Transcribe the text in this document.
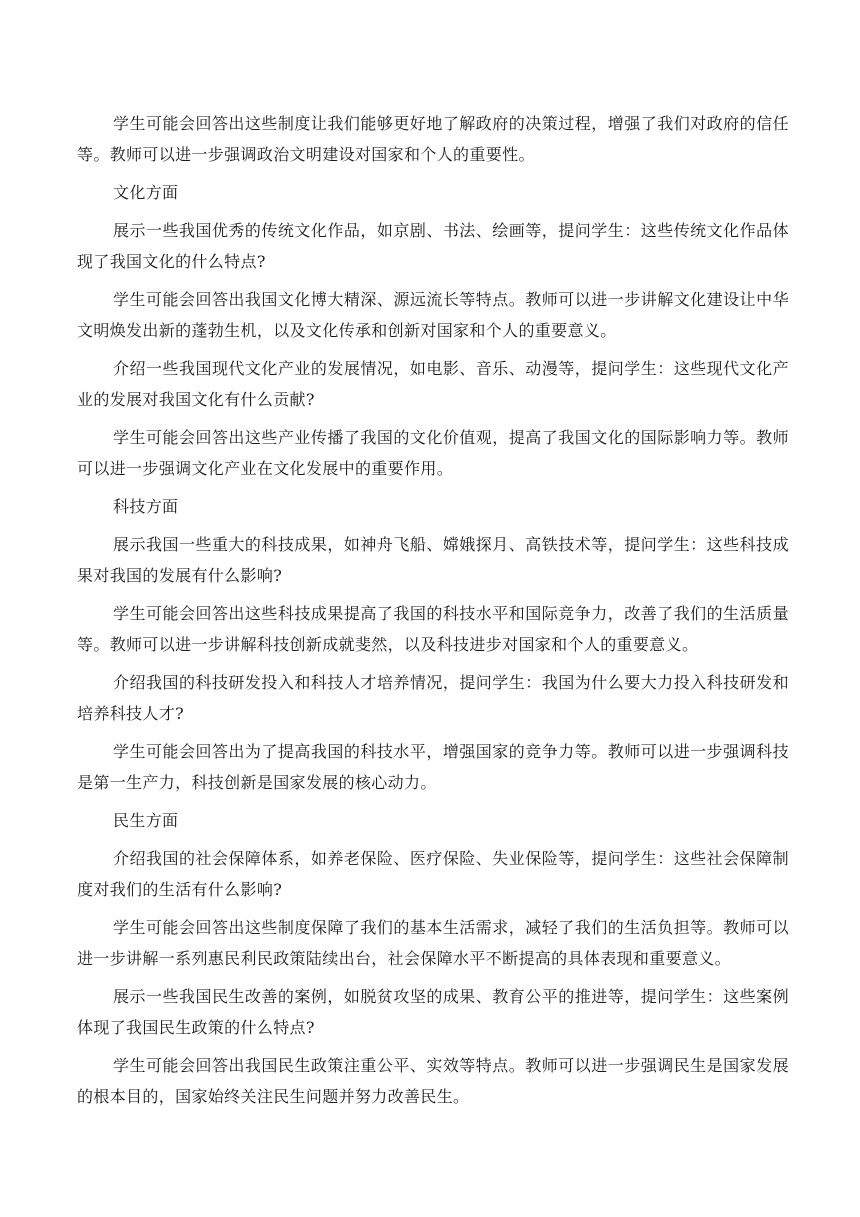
学生可能会回答出这些制度让我们能够更好地了解政府的决策过程，增强了我们对政府的信任等。教师可以进一步强调政治文明建设对国家和个人的重要性。

文化方面

展示一些我国优秀的传统文化作品，如京剧、书法、绘画等，提问学生：这些传统文化作品体现了我国文化的什么特点?

学生可能会回答出我国文化博大精深、源远流长等特点。教师可以进一步讲解文化建设让中华文明焕发出新的蓬勃生机，以及文化传承和创新对国家和个人的重要意义。

介绍一些我国现代文化产业的发展情况，如电影、音乐、动漫等，提问学生：这些现代文化产业的发展对我国文化有什么贡献?

学生可能会回答出这些产业传播了我国的文化价值观，提高了我国文化的国际影响力等。教师可以进一步强调文化产业在文化发展中的重要作用。

科技方面

展示我国一些重大的科技成果，如神舟飞船、嫦娥探月、高铁技术等，提问学生：这些科技成果对我国的发展有什么影响?

学生可能会回答出这些科技成果提高了我国的科技水平和国际竞争力，改善了我们的生活质量等。教师可以进一步讲解科技创新成就斐然，以及科技进步对国家和个人的重要意义。

介绍我国的科技研发投入和科技人才培养情况，提问学生：我国为什么要大力投入科技研发和培养科技人才?

学生可能会回答出为了提高我国的科技水平，增强国家的竞争力等。教师可以进一步强调科技是第一生产力，科技创新是国家发展的核心动力。

民生方面

介绍我国的社会保障体系，如养老保险、医疗保险、失业保险等，提问学生：这些社会保障制度对我们的生活有什么影响?

学生可能会回答出这些制度保障了我们的基本生活需求，减轻了我们的生活负担等。教师可以进一步讲解一系列惠民利民政策陆续出台，社会保障水平不断提高的具体表现和重要意义。

展示一些我国民生改善的案例，如脱贫攻坚的成果、教育公平的推进等，提问学生：这些案例体现了我国民生政策的什么特点?

学生可能会回答出我国民生政策注重公平、实效等特点。教师可以进一步强调民生是国家发展的根本目的，国家始终关注民生问题并努力改善民生。
